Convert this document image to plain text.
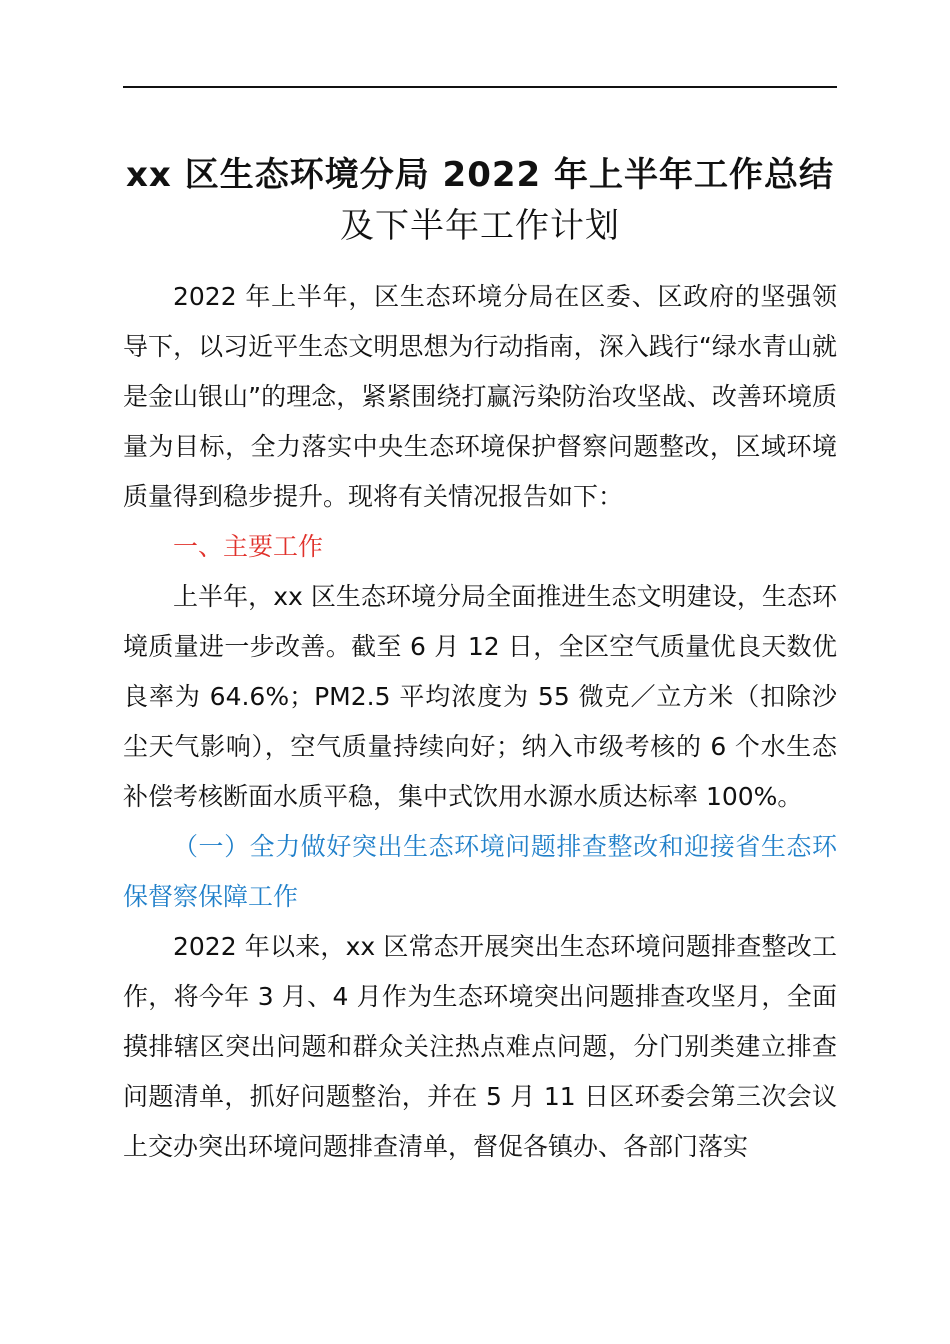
xx 区生态环境分局 2022 年上半年工作总结
及下半年工作计划

2022 年上半年，区生态环境分局在区委、区政府的坚强领导下，以习近平生态文明思想为行动指南，深入践行“绿水青山就是金山银山”的理念，紧紧围绕打赢污染防治攻坚战、改善环境质量为目标，全力落实中央生态环境保护督察问题整改，区域环境质量得到稳步提升。现将有关情况报告如下：

一、主要工作

上半年，xx 区生态环境分局全面推进生态文明建设，生态环境质量进一步改善。截至 6 月 12 日，全区空气质量优良天数优良率为 64.6%；PM2.5 平均浓度为 55 微克／立方米（扣除沙尘天气影响），空气质量持续向好；纳入市级考核的 6 个水生态补偿考核断面水质平稳，集中式饮用水源水质达标率 100%。

（一）全力做好突出生态环境问题排查整改和迎接省生态环保督察保障工作

2022 年以来，xx 区常态开展突出生态环境问题排查整改工作，将今年 3 月、4 月作为生态环境突出问题排查攻坚月，全面摸排辖区突出问题和群众关注热点难点问题，分门别类建立排查问题清单，抓好问题整治，并在 5 月 11 日区环委会第三次会议上交办突出环境问题排查清单，督促各镇办、各部门落实
